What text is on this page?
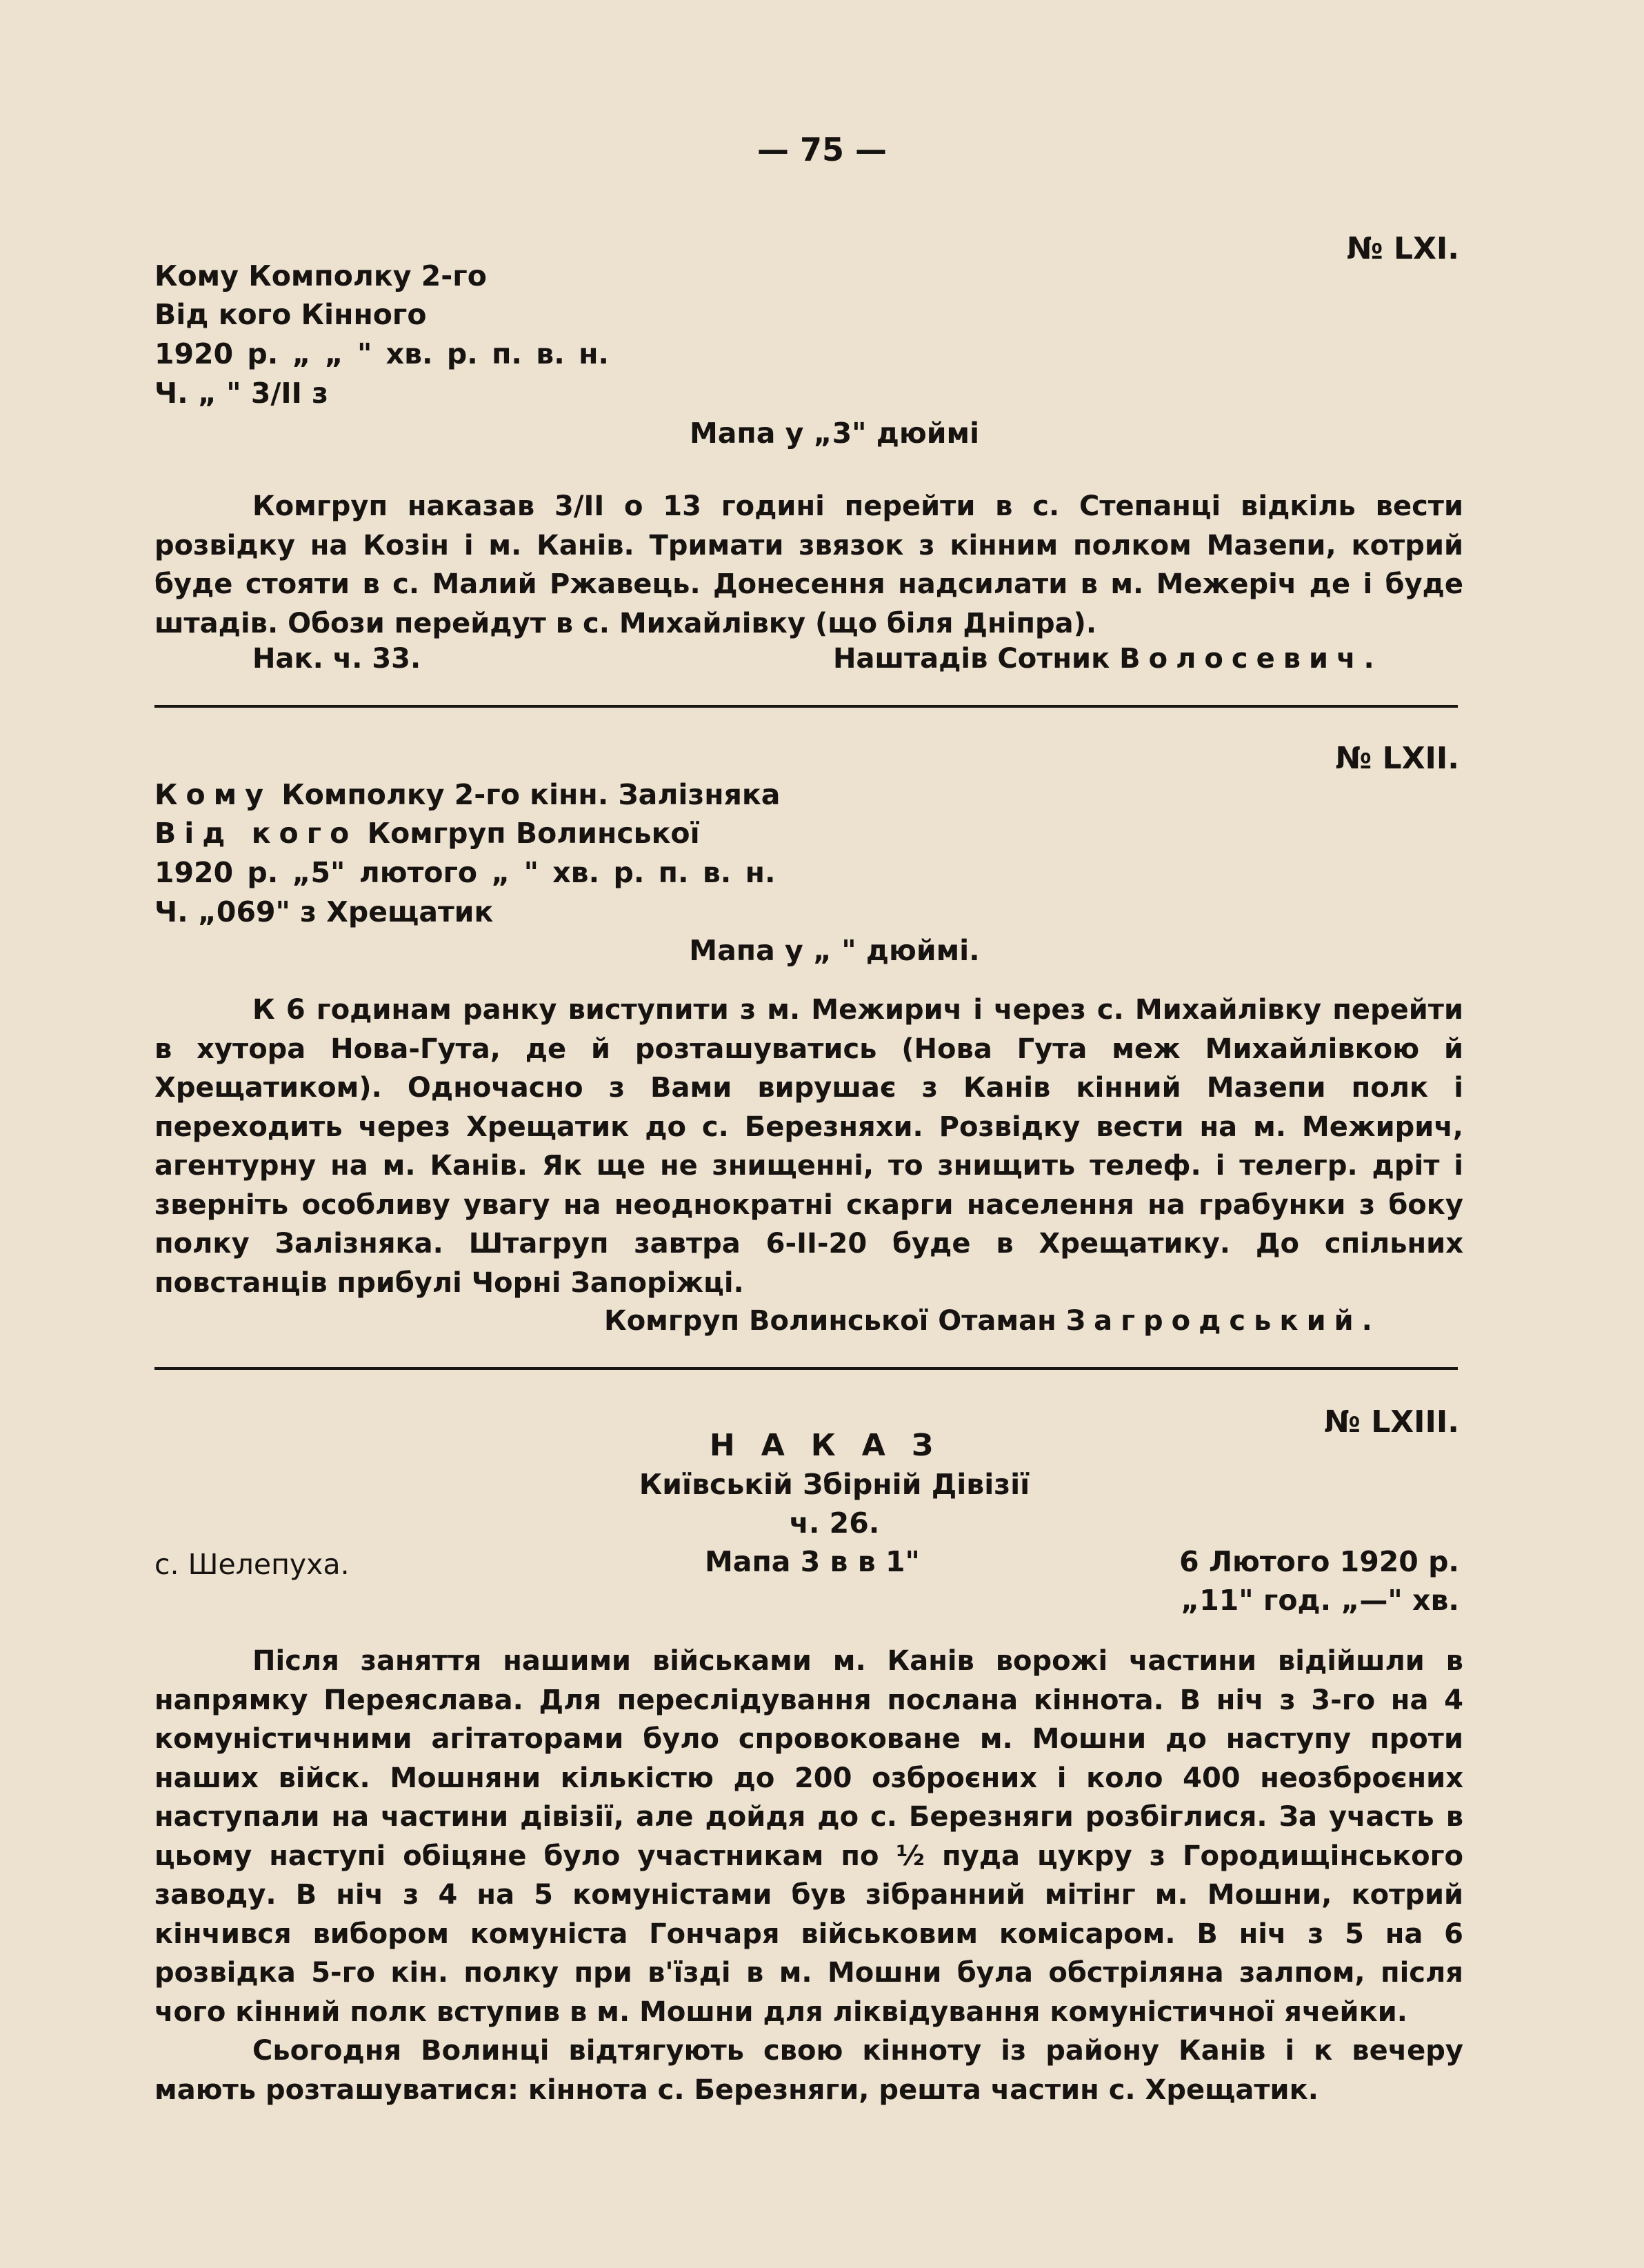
— 75 —
№ LXI.
Кому Комполку 2-го
Від кого Кінного
1920 р. „ „ " хв. р. п. в. н.
Ч. „ " 3/ІІ з
Мапа у „3" дюймі

Комгруп наказав 3/ІІ о 13 годині перейти в с. Степанці відкіль вести розвідку на Козін і м. Канів. Тримати звязок з кінним полком Мазепи, котрий буде стояти в с. Малий Ржавець. Донесення надсилати в м. Межеріч де і буде штадів. Обози перейдут в с. Михайлівку (що біля Дніпра).

Нак. ч. 33.	Наштадів Сотник Волосевич.
№ LXII.
Кому Комполку 2-го кінн. Залізняка
Від кого Комгруп Волинської
1920 р. „5" лютого „ " хв. р. п. в. н.
Ч. „069" з Хрещатик
Мапа у „ " дюймі.

К 6 годинам ранку виступити з м. Межирич і через с. Михайлівку перейти в хутора Нова-Гута, де й розташуватись (Нова Гута меж Михайлівкою й Хрещатиком). Одночасно з Вами вирушає з Канів кінний Мазепи полк і переходить через Хрещатик до с. Березняхи. Розвідку вести на м. Межирич, агентурну на м. Канів. Як ще не знищенні, то знищить телеф. і телегр. дріт і зверніть особливу увагу на неоднократні скарги населення на грабунки з боку полку Залізняка. Штагруп завтра 6-ІІ-20 буде в Хрещатику. До спільних повстанців прибулі Чорні Запоріжці.

Комгруп Волинської Отаман Загродський.
№ LXIII.
НАКАЗ
Київській Збірній Дівізії
ч. 26.
с. Шелепуха.	Мапа 3 в в 1"	6 Лютого 1920 р.
„11" год. „—" хв.

Після заняття нашими військами м. Канів ворожі частини відійшли в напрямку Переяслава. Для переслідування послана кіннота. В ніч з 3-го на 4 комуністичними агітаторами було спровоковане м. Мошни до наступу проти наших війск. Мошняни кількістю до 200 озброєних і коло 400 неозброєних наступали на частини дівізії, але дойдя до с. Березняги розбіглися. За участь в цьому наступі обіцяне було участникам по ½ пуда цукру з Городищінського заводу. В ніч з 4 на 5 комуністами був зібранний мітінг м. Мошни, котрий кінчився вибором комуніста Гончаря військовим комісаром. В ніч з 5 на 6 розвідка 5-го кін. полку при в'їзді в м. Мошни була обстріляна залпом, після чого кінний полк вступив в м. Мошни для ліквідування комуністичної ячейки.

Сьогодня Волинці відтягують свою кінноту із району Канів і к вечеру мають розташуватися: кіннота с. Березняги, решта частин с. Хрещатик.
